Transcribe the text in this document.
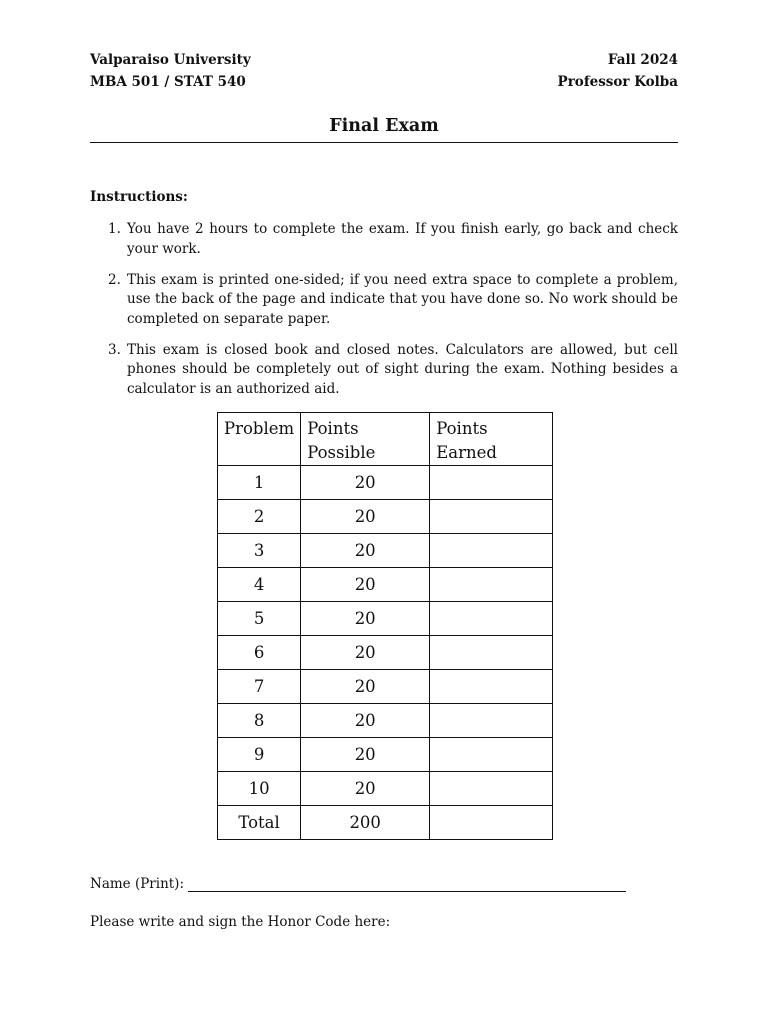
Valparaiso University	Fall 2024
MBA 501 / STAT 540	Professor Kolba
Final Exam
Instructions:
1. You have 2 hours to complete the exam. If you finish early, go back and check your work.
2. This exam is printed one-sided; if you need extra space to complete a problem, use the back of the page and indicate that you have done so. No work should be completed on separate paper.
3. This exam is closed book and closed notes. Calculators are allowed, but cell phones should be completely out of sight during the exam. Nothing besides a calculator is an authorized aid.
Problem	Points Possible	Points Earned
1	20	
2	20	
3	20	
4	20	
5	20	
6	20	
7	20	
8	20	
9	20	
10	20	
Total	200	
Name (Print):
Please write and sign the Honor Code here:
